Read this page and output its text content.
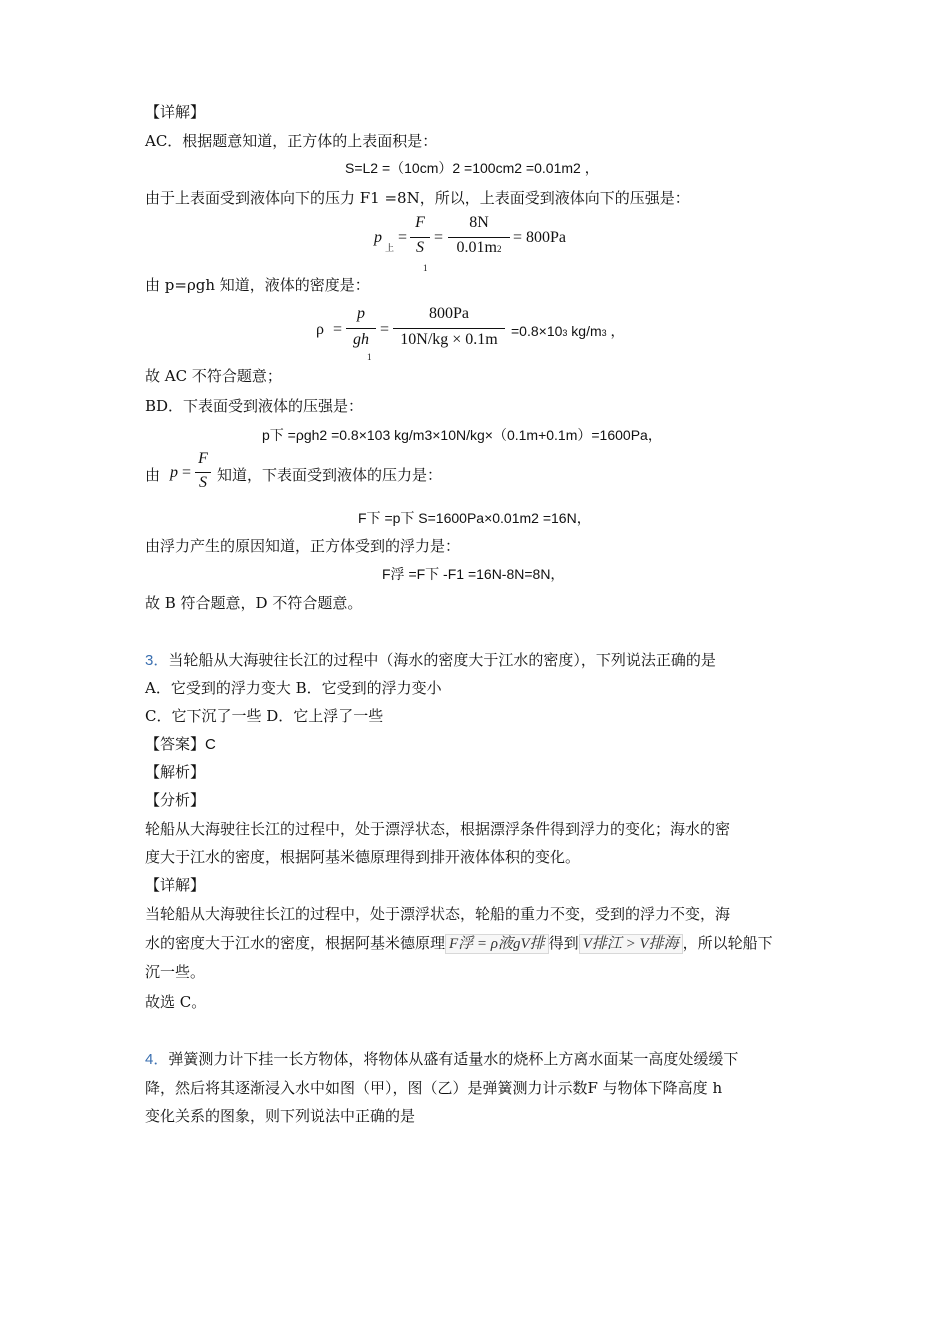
【详解】
AC．根据题意知道，正方体的上表面积是：
S=L2 =（10cm）2 =100cm2 =0.01m2 ，
由于上表面受到液体向下的压力 F1 =8N，所以，上表面受到液体向下的压强是：
p
上
=
F
S
1
=
8N
0.01m2
= 800Pa
由 p=ρgh 知道，液体的密度是：
ρ =
p
gh
1
=
800Pa
10N/kg × 0.1m =0.8×103 kg/m3 ，
故 AC 不符合题意；
BD．下表面受到液体的压强是：
p下 =ρgh2 =0.8×103 kg/m3×10N/kg×（0.1m+0.1m）=1600Pa，
由 p =
F
S 知道，下表面受到液体的压力是：
F下 =p下 S=1600Pa×0.01m2 =16N，
由浮力产生的原因知道，正方体受到的浮力是：
F浮 =F下 -F1 =16N-8N=8N，
故 B 符合题意，D 不符合题意。
3．当轮船从大海驶往长江的过程中（海水的密度大于江水的密度），下列说法正确的是
A．它受到的浮力变大 B．它受到的浮力变小
C．它下沉了一些 D．它上浮了一些
【答案】C
【解析】
【分析】
轮船从大海驶往长江的过程中，处于漂浮状态，根据漂浮条件得到浮力的变化；海水的密
度大于江水的密度，根据阿基米德原理得到排开液体体积的变化。
【详解】
当轮船从大海驶往长江的过程中，处于漂浮状态，轮船的重力不变，受到的浮力不变，海
水的密度大于江水的密度，根据阿基米德原理 F浮 = ρ液gV排 得到 V排江 > V排海 ，所以轮船下
沉一些。
故选 C。
4．弹簧测力计下挂一长方物体，将物体从盛有适量水的烧杯上方离水面某一高度处缓缓下
降，然后将其逐渐浸入水中如图（甲），图（乙）是弹簧测力计示数F 与物体下降高度 h
变化关系的图象，则下列说法中正确的是
